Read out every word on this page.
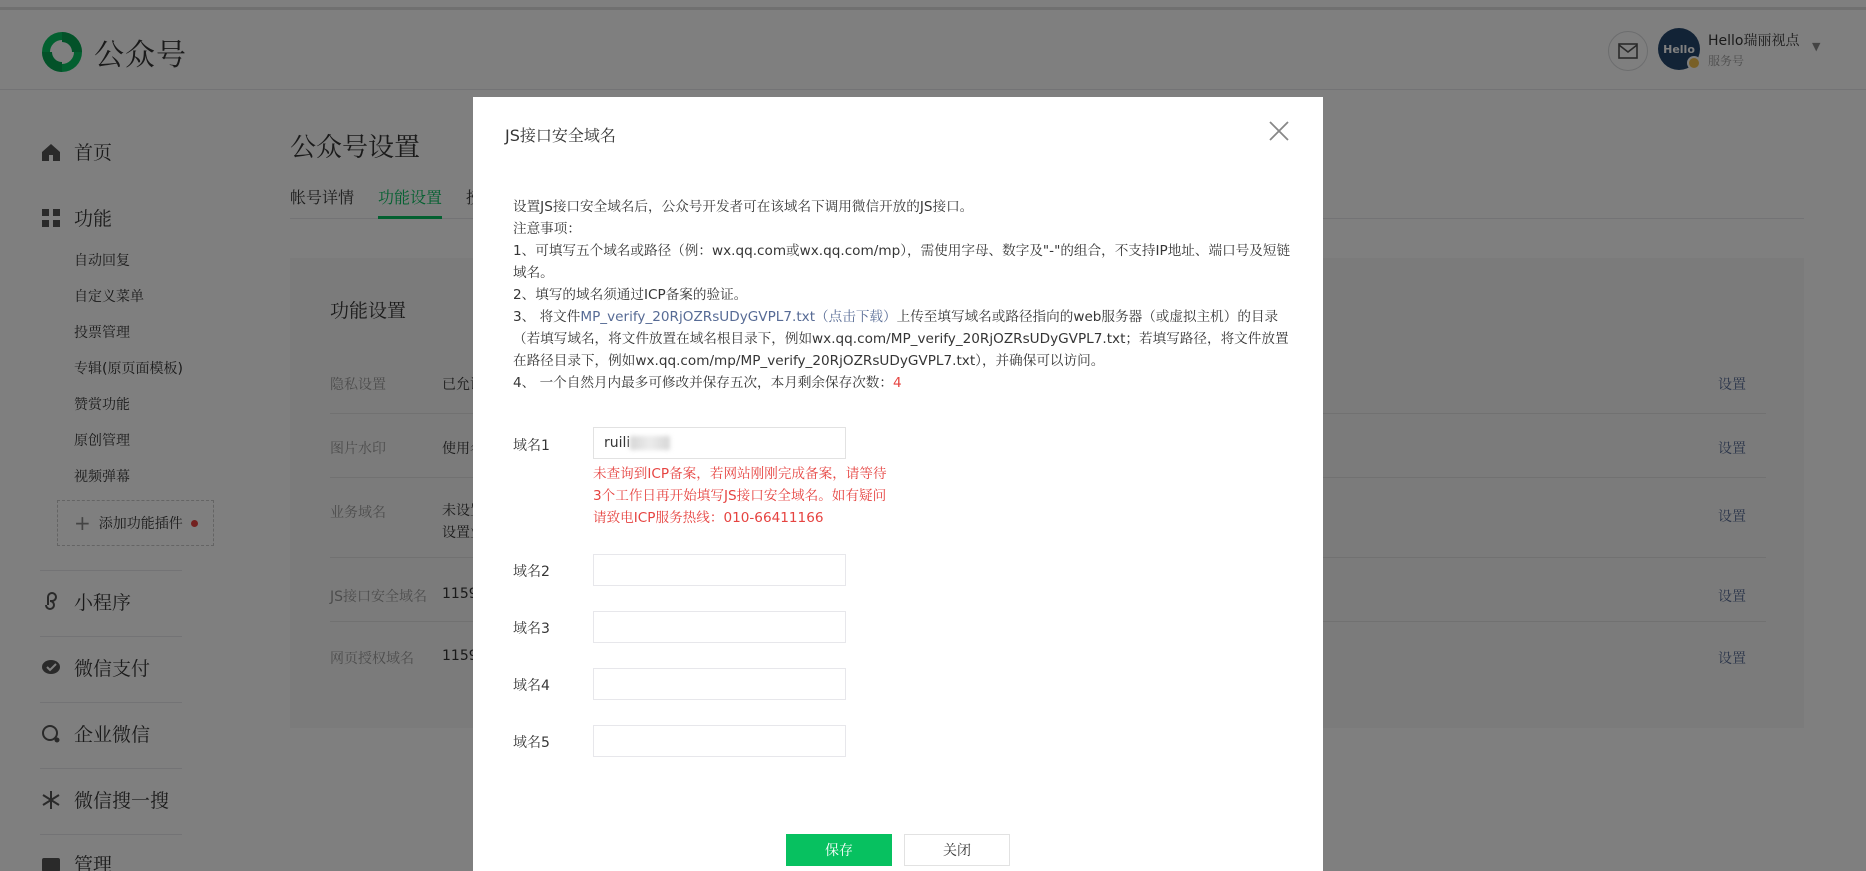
JS接口安全域名

设置JS接口安全域名后，公众号开发者可在该域名下调用微信开放的JS接口。

注意事项：

1、可填写五个域名或路径（例：wx.qq.com或wx.qq.com/mp），需使用字母、数字及"-"的组合，不支持IP地址、端口号及短链域名。

2、填写的域名须通过ICP备案的验证。

3、 将文件MP_verify_20RjOZRsUDyGVPL7.txt（点击下载）上传至填写域名或路径指向的web服务器（或虚拟主机）的目录（若填写域名，将文件放置在域名根目录下，例如wx.qq.com/MP_verify_20RjOZRsUDyGVPL7.txt；若填写路径，将文件放置在路径目录下，例如wx.qq.com/mp/MP_verify_20RjOZRsUDyGVPL7.txt），并确保可以访问。

4、 一个自然月内最多可修改并保存五次，本月剩余保存次数：4

域名1
ruili
未查询到ICP备案，若网站刚刚完成备案，请等待3个工作日再开始填写JS接口安全域名。如有疑问请致电ICP服务热线：010-66411166
域名2
域名3
域名4
域名5
保存	关闭
